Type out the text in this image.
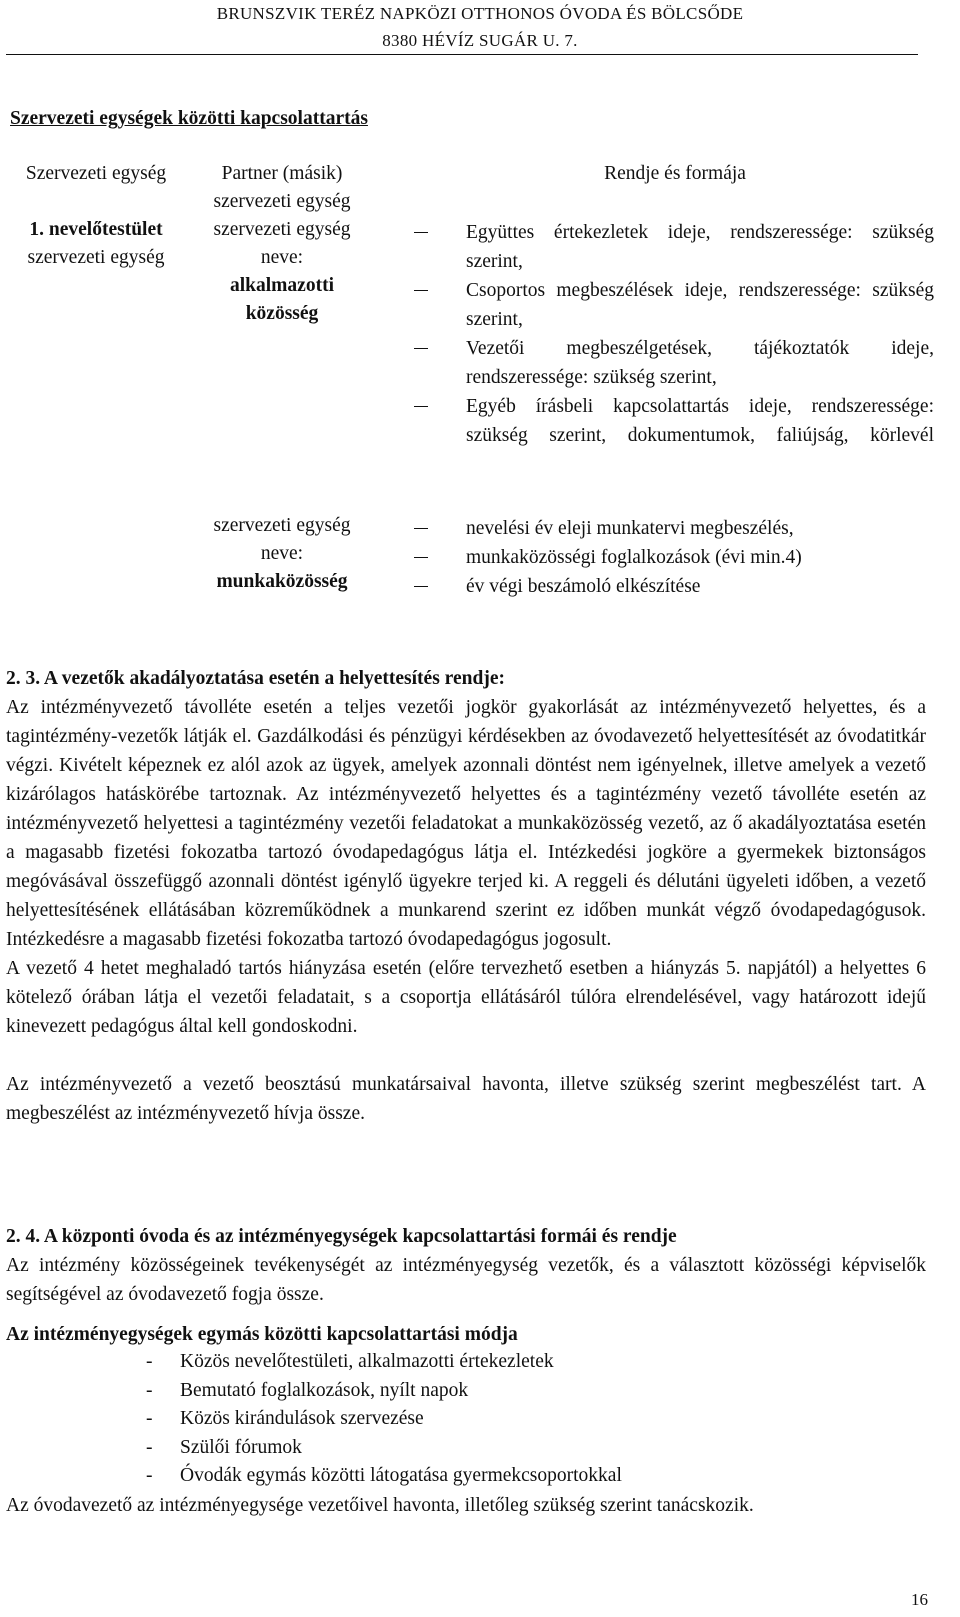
BRUNSZVIK TERÉZ NAPKÖZI OTTHONOS ÓVODA ÉS BÖLCSŐDE
8380 HÉVÍZ SUGÁR U. 7.
Szervezeti egységek közötti kapcsolattartás
Szervezeti egység	Partner (másik) szervezeti egység
Rendje és formája
1. nevelőtestület
szervezeti egység
szervezeti egység neve:
alkalmazotti közösség
Együttes értekezletek ideje, rendszeressége: szükség szerint,
Csoportos megbeszélések ideje, rendszeressége: szükség szerint,
Vezetői megbeszélgetések, tájékoztatók ideje, rendszeressége: szükség szerint,
Egyéb írásbeli kapcsolattartás ideje, rendszeressége: szükség szerint, dokumentumok, faliújság, körlevél
szervezeti egység neve:
munkaközösség
nevelési év eleji munkatervi megbeszélés,
munkaközösségi foglalkozások (évi min.4)
év végi beszámoló elkészítése

2. 3. A vezetők akadályoztatása esetén a helyettesítés rendje:

Az intézményvezető távolléte esetén a teljes vezetői jogkör gyakorlását az intézményvezető helyettes, és a tagintézmény-vezetők látják el. Gazdálkodási és pénzügyi kérdésekben az óvodavezető helyettesítését az óvodatitkár végzi. Kivételt képeznek ez alól azok az ügyek, amelyek azonnali döntést nem igényelnek, illetve amelyek a vezető kizárólagos hatáskörébe tartoznak. Az intézményvezető helyettes és a tagintézmény vezető távolléte esetén az intézményvezető helyettesi a tagintézmény vezetői feladatokat a munkaközösség vezető, az ő akadályoztatása esetén a magasabb fizetési fokozatba tartozó óvodapedagógus látja el. Intézkedési jogköre a gyermekek biztonságos megóvásával összefüggő azonnali döntést igénylő ügyekre terjed ki. A reggeli és délutáni ügyeleti időben, a vezető helyettesítésének ellátásában közreműködnek a munkarend szerint ez időben munkát végző óvodapedagógusok. Intézkedésre a magasabb fizetési fokozatba tartozó óvodapedagógus jogosult.

A vezető 4 hetet meghaladó tartós hiányzása esetén (előre tervezhető esetben a hiányzás 5. napjától) a helyettes 6 kötelező órában látja el vezetői feladatait, s a csoportja ellátásáról túlóra elrendelésével, vagy határozott idejű kinevezett pedagógus által kell gondoskodni.

Az intézményvezető a vezető beosztású munkatársaival havonta, illetve szükség szerint megbeszélést tart. A megbeszélést az intézményvezető hívja össze.

2. 4. A központi óvoda és az intézményegységek kapcsolattartási formái és rendje

Az intézmény közösségeinek tevékenységét az intézményegység vezetők, és a választott közösségi képviselők segítségével az óvodavezető fogja össze.

Az intézményegységek egymás közötti kapcsolattartási módja
- Közös nevelőtestületi, alkalmazotti értekezletek
- Bemutató foglalkozások, nyílt napok
- Közös kirándulások szervezése
- Szülői fórumok
- Óvodák egymás közötti látogatása gyermekcsoportokkal
Az óvodavezető az intézményegysége vezetőivel havonta, illetőleg szükség szerint tanácskozik.
16
